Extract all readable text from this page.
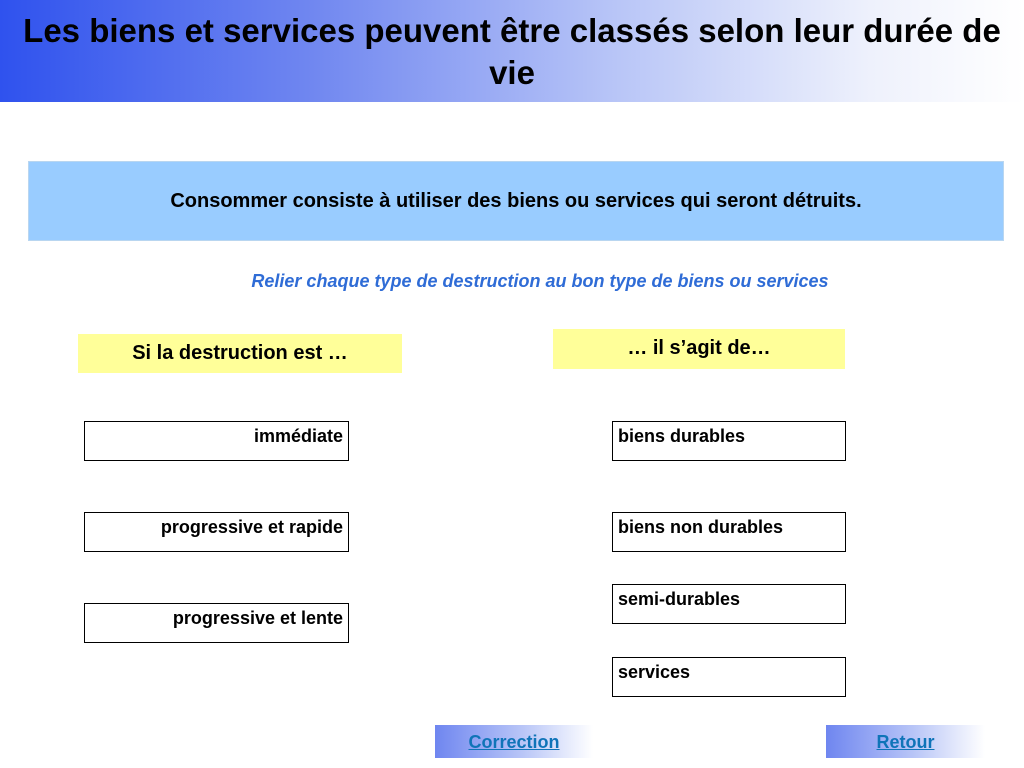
Les biens et services peuvent être classés selon leur durée de vie
Consommer consiste à utiliser des biens ou services qui seront détruits.
Relier chaque type de destruction au bon type de biens ou services
Si la destruction est …	… il s’agit de…
immédiate
progressive et rapide
progressive et lente
biens durables
biens non durables
semi-durables
services
Correction	Retour
